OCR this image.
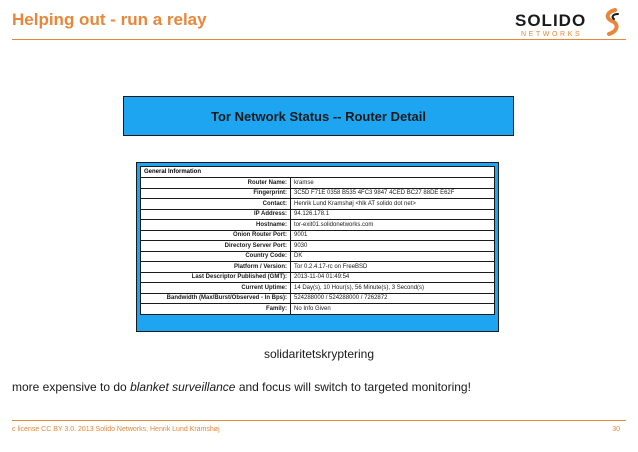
Helping out - run a relay	SOLIDO
NETWORKS
Tor Network Status -- Router Detail
General Information	
Router Name:	kramse
Fingerprint:	3C5D F71E 0358 B535 4FC3 9847 4CED BC27 88DE E62F
Contact:	Henrik Lund Kramshøj <hlk AT solido dot net>
IP Address:	94.126.178.1
Hostname:	tor-exit01.solidonetworks.com
Onion Router Port:	9001
Directory Server Port:	9030
Country Code:	DK
Platform / Version:	Tor 0.2.4.17-rc on FreeBSD
Last Descriptor Published (GMT):	2013-11-04 01:49:54
Current Uptime:	14 Day(s), 10 Hour(s), 56 Minute(s), 3 Second(s)
Bandwidth (Max/Burst/Observed - In Bps):	524288000 / 524288000 / 7262872
Family:	No Info Given
solidaritetskryptering
more expensive to do blanket surveillance and focus will switch to targeted monitoring!
c license CC BY 3.0. 2013 Solido Networks, Henrik Lund Kramshøj	30
